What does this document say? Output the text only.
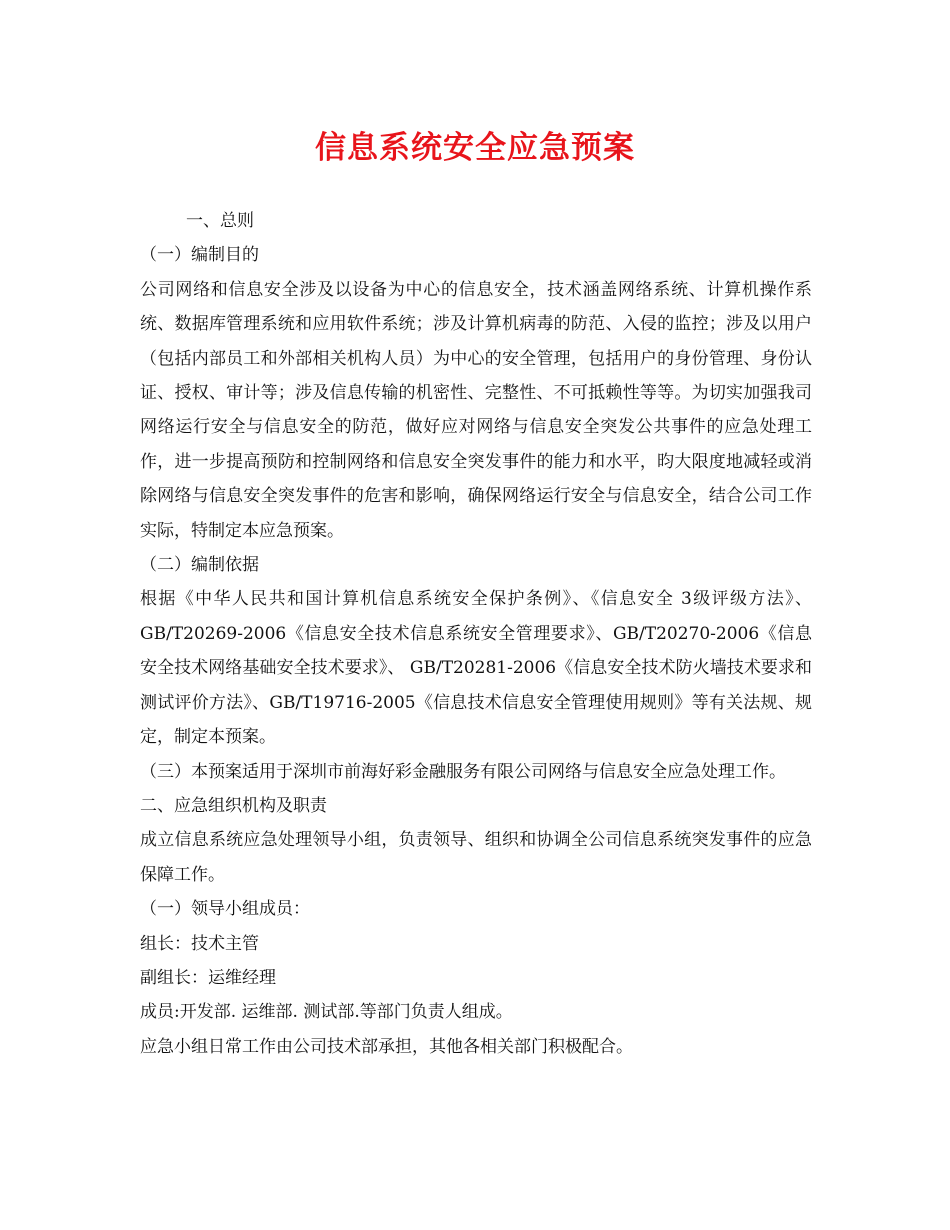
信息系统安全应急预案

一、总则

（一）编制目的

公司网络和信息安全涉及以设备为中心的信息安全，技术涵盖网络系统、计算机操作系统、数据库管理系统和应用软件系统；涉及计算机病毒的防范、入侵的监控；涉及以用户（包括内部员工和外部相关机构人员）为中心的安全管理，包括用户的身份管理、身份认证、授权、审计等；涉及信息传输的机密性、完整性、不可抵赖性等等。为切实加强我司网络运行安全与信息安全的防范，做好应对网络与信息安全突发公共事件的应急处理工作，进一步提高预防和控制网络和信息安全突发事件的能力和水平，昀大限度地减轻或消除网络与信息安全突发事件的危害和影响，确保网络运行安全与信息安全，结合公司工作实际，特制定本应急预案。

（二）编制依据

根据《中华人民共和国计算机信息系统安全保护条例》、《信息安全 3级评级方法》、GB/T20269-2006《信息安全技术信息系统安全管理要求》、GB/T20270-2006《信息安全技术网络基础安全技术要求》、 GB/T20281-2006《信息安全技术防火墙技术要求和测试评价方法》、GB/T19716-2005《信息技术信息安全管理使用规则》等有关法规、规定，制定本预案。

（三）本预案适用于深圳市前海好彩金融服务有限公司网络与信息安全应急处理工作。

二、应急组织机构及职责

成立信息系统应急处理领导小组，负责领导、组织和协调全公司信息系统突发事件的应急保障工作。

（一）领导小组成员：

组长：技术主管

副组长：运维经理

成员:开发部. 运维部. 测试部.等部门负责人组成。

应急小组日常工作由公司技术部承担，其他各相关部门积极配合。
